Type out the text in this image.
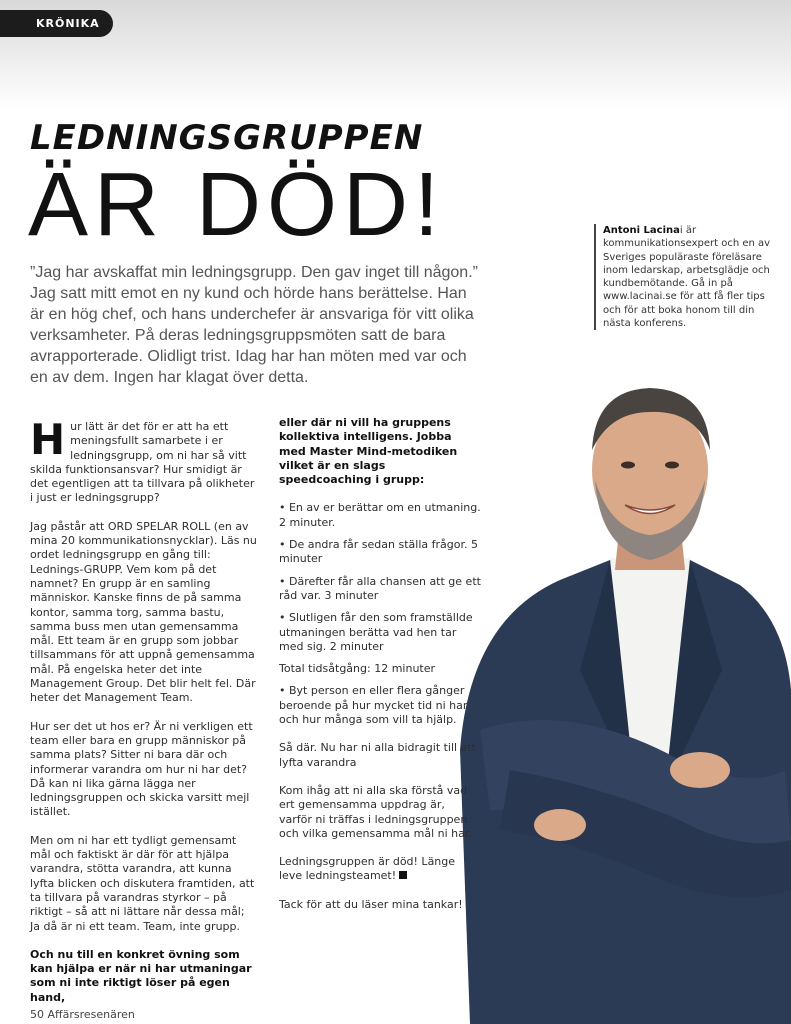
KRÖNIKA
LEDNINGSGRUPPEN
ÄR DÖD!

”Jag har avskaffat min ledningsgrupp. Den gav inget till någon.” Jag satt mitt emot en ny kund och hörde hans berättelse. Han är en hög chef, och hans underchefer är ansvariga för vitt olika verksamheter. På deras ledningsgruppsmöten satt de bara avrapporterade. Olidligt trist. Idag har han möten med var och en av dem. Ingen har klagat över detta.

Antoni Lacinai är kommunikationsexpert och en av Sveriges populäraste föreläsare inom ledarskap, arbetsglädje och kundbemötande. Gå in på www.lacinai.se för att få fler tips och för att boka honom till din nästa konferens.

Hur lätt är det för er att ha ett meningsfullt samarbete i er ledningsgrupp, om ni har så vitt skilda funktionsansvar? Hur smidigt är det egentligen att ta tillvara på olikheter i just er ledningsgrupp?

Jag påstår att ORD SPELAR ROLL (en av mina 20 kommunikationsnycklar). Läs nu ordet ledningsgrupp en gång till: Lednings-GRUPP. Vem kom på det namnet? En grupp är en samling människor. Kanske finns de på samma kontor, samma torg, samma bastu, samma buss men utan gemensamma mål. Ett team är en grupp som jobbar tillsammans för att uppnå gemensamma mål. På engelska heter det inte Management Group. Det blir helt fel. Där heter det Management Team.

Hur ser det ut hos er? Är ni verkligen ett team eller bara en grupp människor på samma plats? Sitter ni bara där och informerar varandra om hur ni har det? Då kan ni lika gärna lägga ner ledningsgruppen och skicka varsitt mejl istället.

Men om ni har ett tydligt gemensamt mål och faktiskt är där för att hjälpa varandra, stötta varandra, att kunna lyfta blicken och diskutera framtiden, att ta tillvara på varandras styrkor – på riktigt – så att ni lättare når dessa mål; Ja då är ni ett team. Team, inte grupp.

Och nu till en konkret övning som kan hjälpa er när ni har utmaningar som ni inte riktigt löser på egen hand,

eller där ni vill ha gruppens kollektiva intelligens. Jobba med Master Mind-metodiken vilket är en slags speedcoaching i grupp:

• En av er berättar om en utmaning. 2 minuter.

• De andra får sedan ställa frågor. 5 minuter

• Därefter får alla chansen att ge ett råd var. 3 minuter

• Slutligen får den som framställde utmaningen berätta vad hen tar med sig. 2 minuter

Total tidsåtgång: 12 minuter

• Byt person en eller flera gånger beroende på hur mycket tid ni har och hur många som vill ta hjälp.

Så där. Nu har ni alla bidragit till att lyfta varandra

Kom ihåg att ni alla ska förstå vad ert gemensamma uppdrag är, varför ni träffas i ledningsgruppen och vilka gemensamma mål ni har.

Ledningsgruppen är död! Länge leve ledningsteamet!

Tack för att du läser mina tankar!

50 Affärsresenären
